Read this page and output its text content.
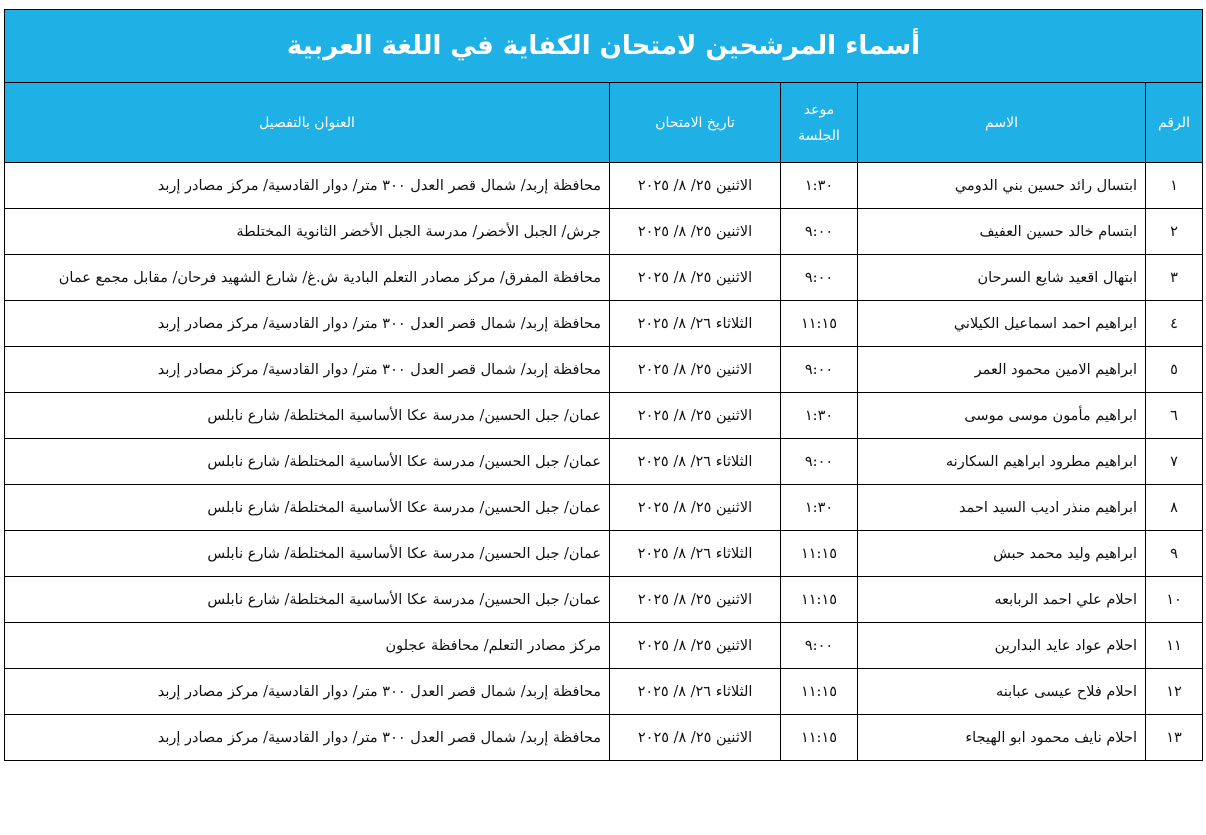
أسماء المرشحين لامتحان الكفاية في اللغة العربية				
الرقم	الاسم	موعد الجلسة	تاريخ الامتحان	العنوان بالتفصيل
١	ابتسال رائد حسين بني الدومي	١:٣٠	الاثنين ٢٥/ ٨/ ٢٠٢٥	محافظة إربد/ شمال قصر العدل ٣٠٠ متر/ دوار القادسية/ مركز مصادر إربد
٢	ابتسام خالد حسين العفيف	٩:٠٠	الاثنين ٢٥/ ٨/ ٢٠٢٥	جرش/ الجبل الأخضر/ مدرسة الجبل الأخضر الثانوية المختلطة
٣	ابتهال اقعيد شايع السرحان	٩:٠٠	الاثنين ٢٥/ ٨/ ٢٠٢٥	محافظة المفرق/ مركز مصادر التعلم البادية ش.غ/ شارع الشهيد فرحان/ مقابل مجمع عمان
٤	ابراهيم احمد اسماعيل الكيلاني	١١:١٥	الثلاثاء ٢٦/ ٨/ ٢٠٢٥	محافظة إربد/ شمال قصر العدل ٣٠٠ متر/ دوار القادسية/ مركز مصادر إربد
٥	ابراهيم الامين محمود العمر	٩:٠٠	الاثنين ٢٥/ ٨/ ٢٠٢٥	محافظة إربد/ شمال قصر العدل ٣٠٠ متر/ دوار القادسية/ مركز مصادر إربد
٦	ابراهيم مأمون موسى موسى	١:٣٠	الاثنين ٢٥/ ٨/ ٢٠٢٥	عمان/ جبل الحسين/ مدرسة عكا الأساسية المختلطة/ شارع نابلس
٧	ابراهيم مطرود ابراهيم السكارنه	٩:٠٠	الثلاثاء ٢٦/ ٨/ ٢٠٢٥	عمان/ جبل الحسين/ مدرسة عكا الأساسية المختلطة/ شارع نابلس
٨	ابراهيم منذر اديب السيد احمد	١:٣٠	الاثنين ٢٥/ ٨/ ٢٠٢٥	عمان/ جبل الحسين/ مدرسة عكا الأساسية المختلطة/ شارع نابلس
٩	ابراهيم وليد محمد حبش	١١:١٥	الثلاثاء ٢٦/ ٨/ ٢٠٢٥	عمان/ جبل الحسين/ مدرسة عكا الأساسية المختلطة/ شارع نابلس
١٠	احلام علي احمد الربابعه	١١:١٥	الاثنين ٢٥/ ٨/ ٢٠٢٥	عمان/ جبل الحسين/ مدرسة عكا الأساسية المختلطة/ شارع نابلس
١١	احلام عواد عايد البدارين	٩:٠٠	الاثنين ٢٥/ ٨/ ٢٠٢٥	مركز مصادر التعلم/ محافظة عجلون
١٢	احلام فلاح عيسى عبابنه	١١:١٥	الثلاثاء ٢٦/ ٨/ ٢٠٢٥	محافظة إربد/ شمال قصر العدل ٣٠٠ متر/ دوار القادسية/ مركز مصادر إربد
١٣	احلام نايف محمود ابو الهيجاء	١١:١٥	الاثنين ٢٥/ ٨/ ٢٠٢٥	محافظة إربد/ شمال قصر العدل ٣٠٠ متر/ دوار القادسية/ مركز مصادر إربد
